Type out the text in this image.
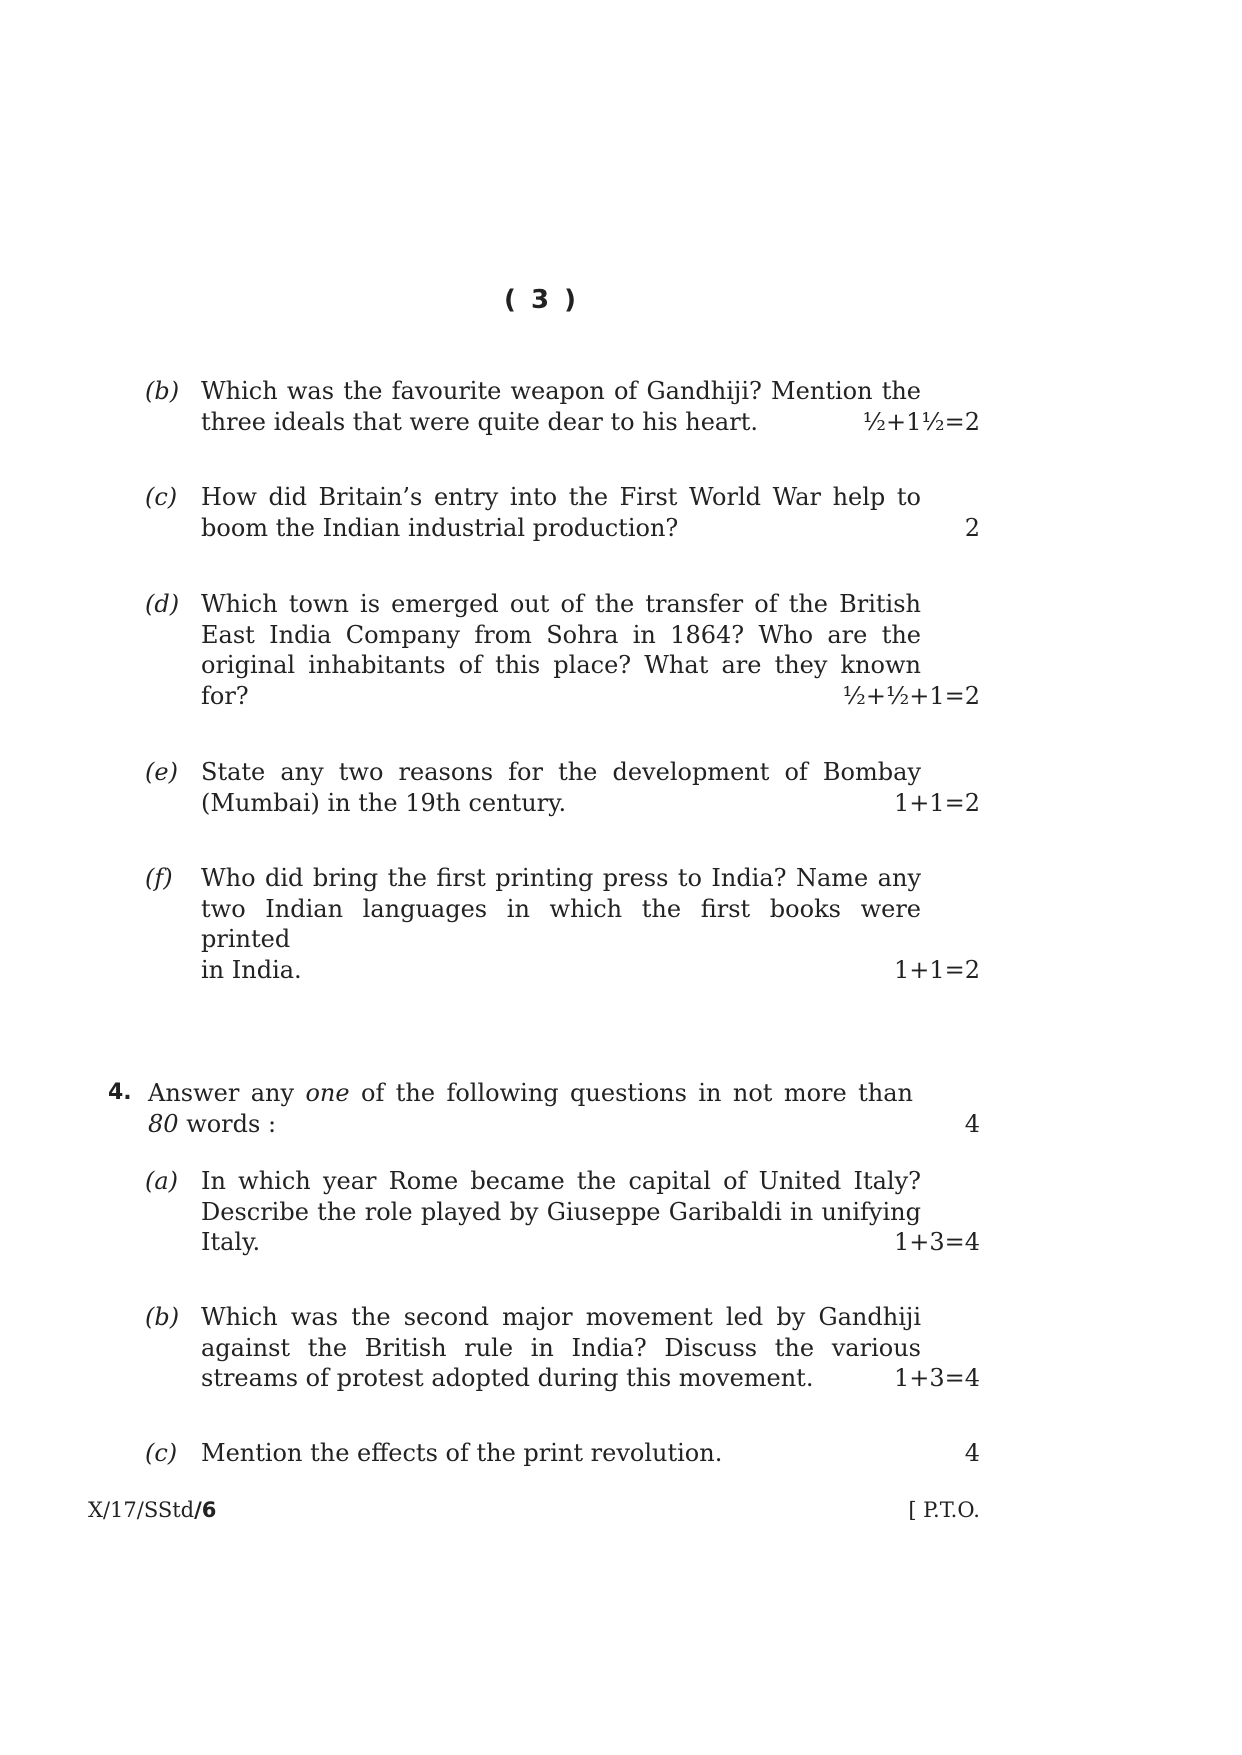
( 3 )
(b) Which was the favourite weapon of Gandhiji? Mention the
three ideals that were quite dear to his heart.	½+1½=2
(c) How did Britain’s entry into the First World War help to
boom the Indian industrial production?	2
(d) Which town is emerged out of the transfer of the British
East India Company from Sohra in 1864? Who are the
original inhabitants of this place? What are they known
for?	½+½+1=2
(e) State any two reasons for the development of Bombay
(Mumbai) in the 19th century.	1+1=2
(f) Who did bring the first printing press to India? Name any
two Indian languages in which the first books were printed
in India.	1+1=2
4. Answer any one of the following questions in not more than
80 words :	4
(a) In which year Rome became the capital of United Italy?
Describe the role played by Giuseppe Garibaldi in unifying
Italy.	1+3=4
(b) Which was the second major movement led by Gandhiji
against the British rule in India? Discuss the various
streams of protest adopted during this movement.	1+3=4
(c) Mention the effects of the print revolution.	4
X/17/SStd/6	[ P.T.O.
